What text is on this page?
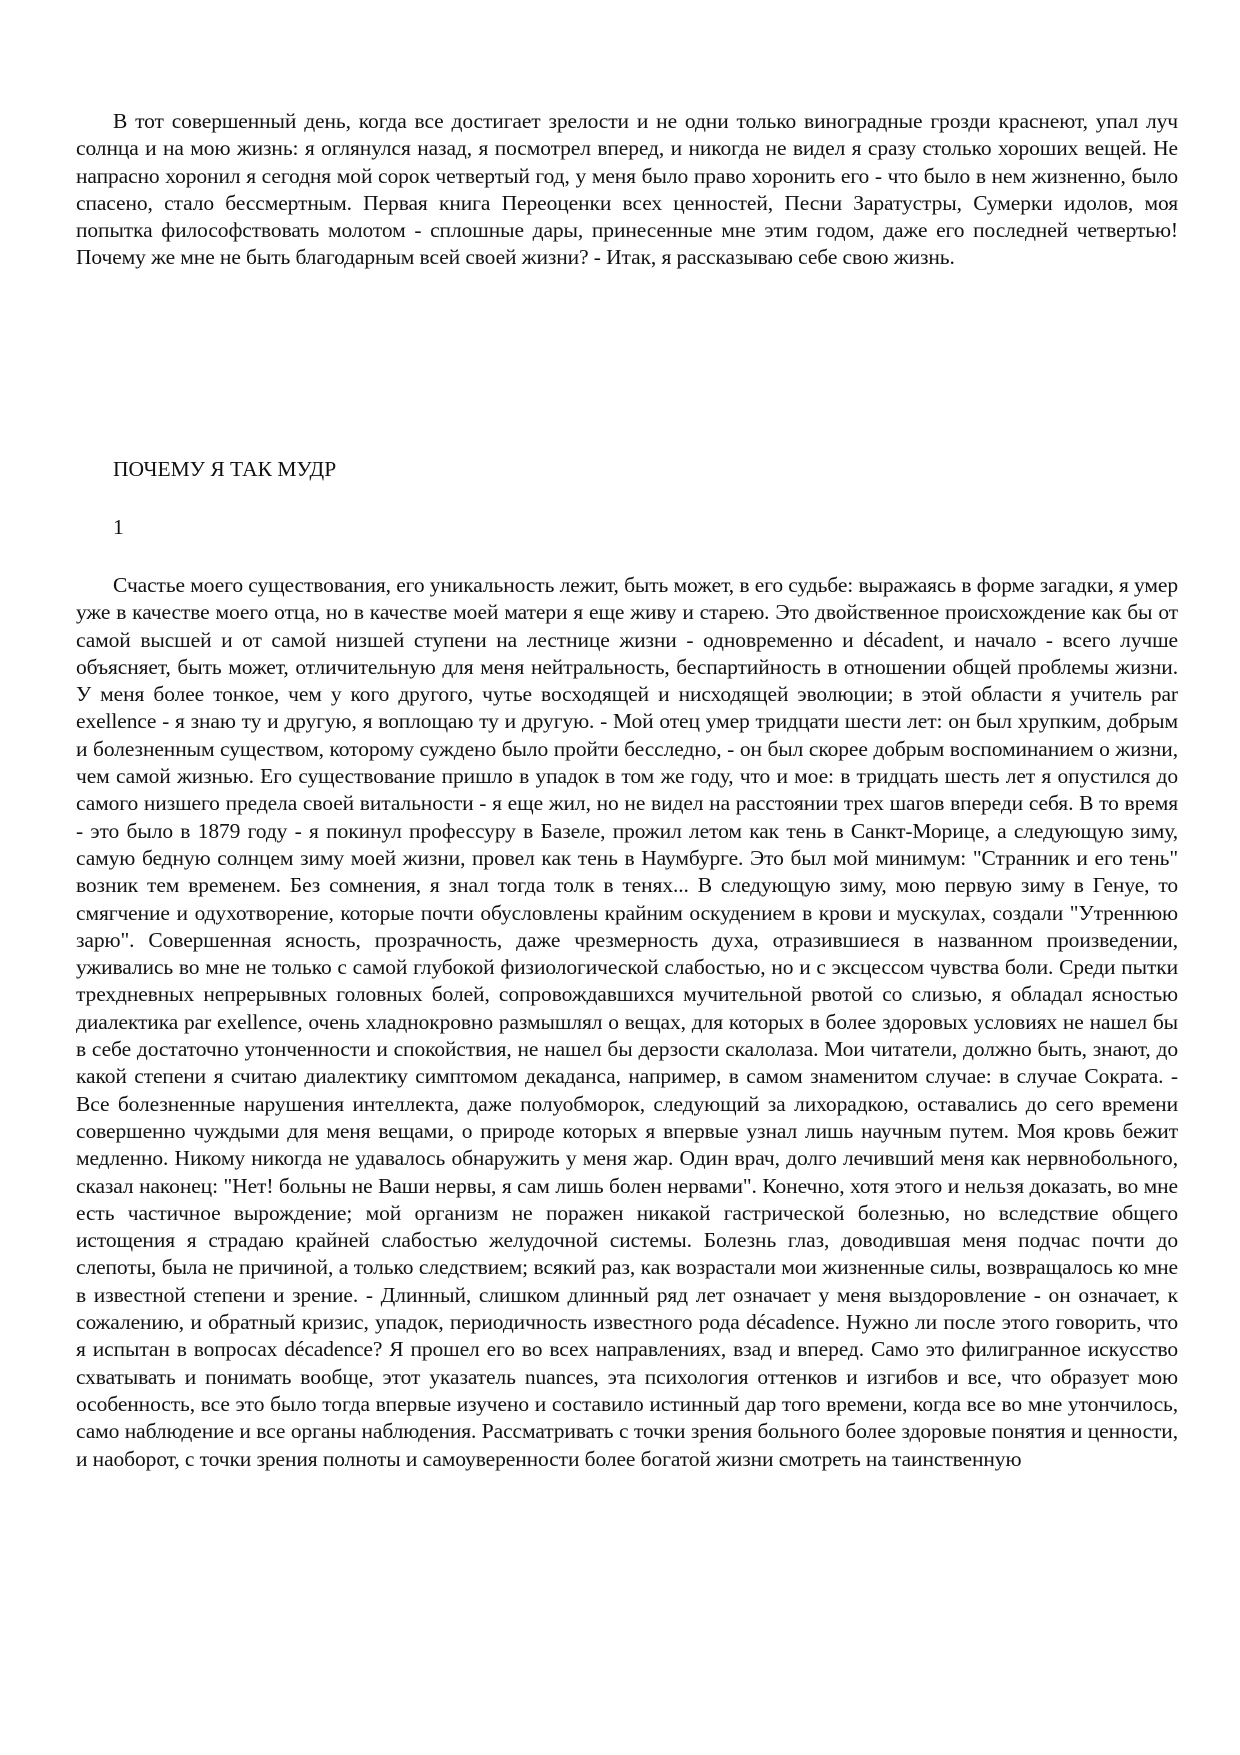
В тот совершенный день, когда все достигает зрелости и не одни только виноградные грозди краснеют, упал луч солнца и на мою жизнь: я оглянулся назад, я посмотрел вперед, и никогда не видел я сразу столько хороших вещей. Не напрасно хоронил я сегодня мой сорок четвертый год, у меня было право хоронить его - что было в нем жизненно, было спасено, стало бессмертным. Первая книга Переоценки всех ценностей, Песни Заратустры, Сумерки идолов, моя попытка философствовать молотом - сплошные дары, принесенные мне этим годом, даже его последней четвертью! Почему же мне не быть благодарным всей своей жизни? - Итак, я рассказываю себе свою жизнь.

ПОЧЕМУ Я ТАК МУДР

1

Счастье моего существования, его уникальность лежит, быть может, в его судьбе: выражаясь в форме загадки, я умер уже в качестве моего отца, но в качестве моей матери я еще живу и старею. Это двойственное происхождение как бы от самой высшей и от самой низшей ступени на лестнице жизни - одновременно и décadent, и начало - всего лучше объясняет, быть может, отличительную для меня нейтральность, беспартийность в отношении общей проблемы жизни. У меня более тонкое, чем у кого другого, чутье восходящей и нисходящей эволюции; в этой области я учитель par exellence - я знаю ту и другую, я воплощаю ту и другую. - Мой отец умер тридцати шести лет: он был хрупким, добрым и болезненным существом, которому суждено было пройти бесследно, - он был скорее добрым воспоминанием о жизни, чем самой жизнью. Его существование пришло в упадок в том же году, что и мое: в тридцать шесть лет я опустился до самого низшего предела своей витальности - я еще жил, но не видел на расстоянии трех шагов впереди себя. В то время - это было в 1879 году - я покинул профессуру в Базеле, прожил летом как тень в Санкт-Морице, а следующую зиму, самую бедную солнцем зиму моей жизни, провел как тень в Наумбурге. Это был мой минимум: "Странник и его тень" возник тем временем. Без сомнения, я знал тогда толк в тенях... В следующую зиму, мою первую зиму в Генуе, то смягчение и одухотворение, которые почти обусловлены крайним оскудением в крови и мускулах, создали "Утреннюю зарю". Совершенная ясность, прозрачность, даже чрезмерность духа, отразившиеся в названном произведении, уживались во мне не только с самой глубокой физиологической слабостью, но и с эксцессом чувства боли. Среди пытки трехдневных непрерывных головных болей, сопровождавшихся мучительной рвотой со слизью, я обладал ясностью диалектика par exellence, очень хладнокровно размышлял о вещах, для которых в более здоровых условиях не нашел бы в себе достаточно утонченности и спокойствия, не нашел бы дерзости скалолаза. Мои читатели, должно быть, знают, до какой степени я считаю диалектику симптомом декаданса, например, в самом знаменитом случае: в случае Сократа. - Все болезненные нарушения интеллекта, даже полуобморок, следующий за лихорадкою, оставались до сего времени совершенно чуждыми для меня вещами, о природе которых я впервые узнал лишь научным путем. Моя кровь бежит медленно. Никому никогда не удавалось обнаружить у меня жар. Один врач, долго лечивший меня как нервнобольного, сказал наконец: "Нет! больны не Ваши нервы, я сам лишь болен нервами". Конечно, хотя этого и нельзя доказать, во мне есть частичное вырождение; мой организм не поражен никакой гастрической болезнью, но вследствие общего истощения я страдаю крайней слабостью желудочной системы. Болезнь глаз, доводившая меня подчас почти до слепоты, была не причиной, а только следствием; всякий раз, как возрастали мои жизненные силы, возвращалось ко мне в известной степени и зрение. - Длинный, слишком длинный ряд лет означает у меня выздоровление - он означает, к сожалению, и обратный кризис, упадок, периодичность известного рода décadence. Нужно ли после этого говорить, что я испытан в вопросах décadence? Я прошел его во всех направлениях, взад и вперед. Само это филигранное искусство схватывать и понимать вообще, этот указатель nuances, эта психология оттенков и изгибов и все, что образует мою особенность, все это было тогда впервые изучено и составило истинный дар того времени, когда все во мне утончилось, само наблюдение и все органы наблюдения. Рассматривать с точки зрения больного более здоровые понятия и ценности, и наоборот, с точки зрения полноты и самоуверенности более богатой жизни смотреть на таинственную
